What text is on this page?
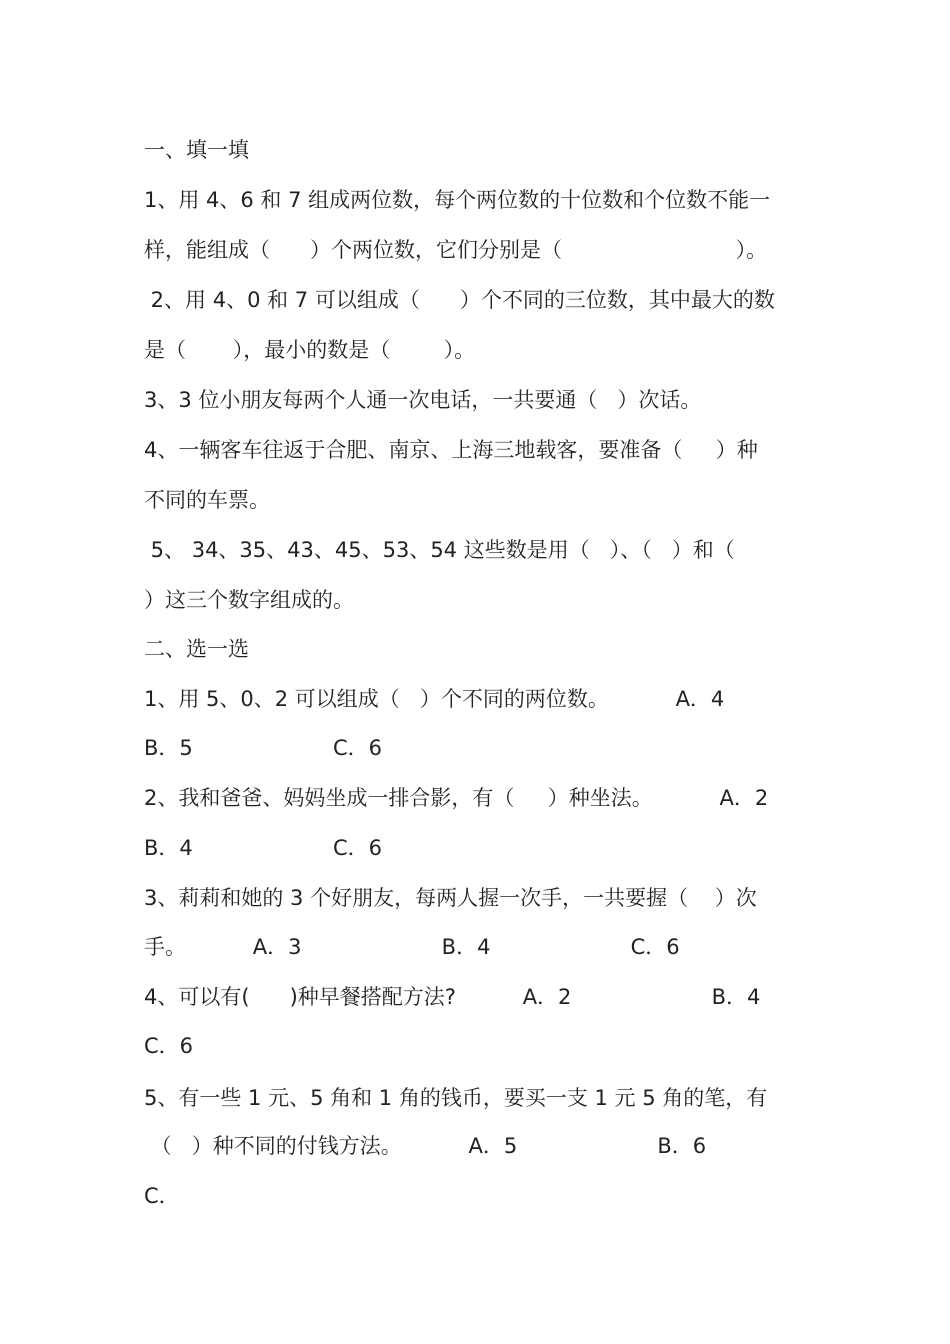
一、填一填

1、用 4、6 和 7 组成两位数，每个两位数的十位数和个位数不能一

样，能组成（      ）个两位数，它们分别是（                          ）。

2、用 4、0 和 7 可以组成（      ）个不同的三位数，其中最大的数

是（       ），最小的数是（        ）。

3、3 位小朋友每两个人通一次电话，一共要通（   ）次话。

4、一辆客车往返于合肥、南京、上海三地载客，要准备（     ）种

不同的车票。

5、 34、35、43、45、53、54 这些数是用（   ）、（   ）和（

）这三个数字组成的。

二、选一选

1、用 5、0、2 可以组成（   ）个不同的两位数。          A．4

B．5                     C．6

2、我和爸爸、妈妈坐成一排合影，有（     ）种坐法。          A．2

B．4                     C．6

3、莉莉和她的 3 个好朋友，每两人握一次手，一共要握（    ）次

手。          A．3                     B．4                     C．6

4、可以有(      )种早餐搭配方法?          A．2                     B．4

C．6

5、有一些 1 元、5 角和 1 角的钱币，要买一支 1 元 5 角的笔，有

（   ）种不同的付钱方法。          A．5                     B．6

C．
